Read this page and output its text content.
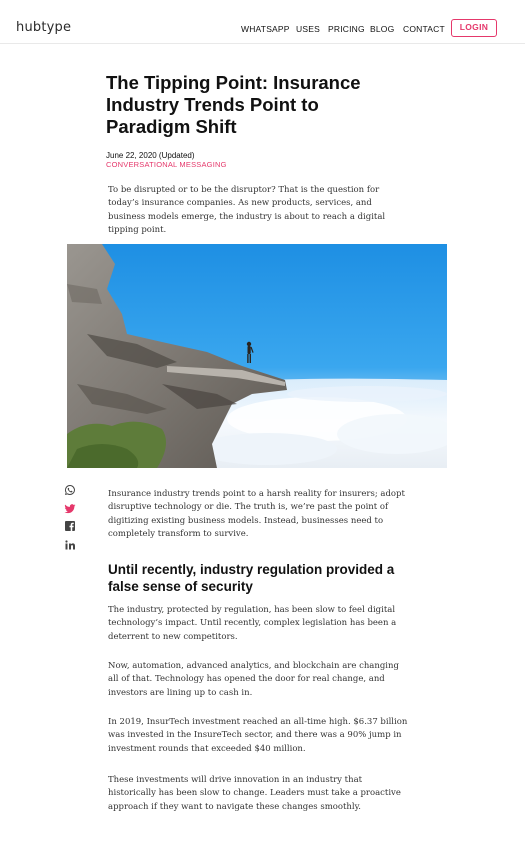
hubtype	WHATSAPP USES PRICING BLOG CONTACT	LOGIN
The Tipping Point: Insurance Industry Trends Point to Paradigm Shift
June 22, 2020 (Updated)
CONVERSATIONAL MESSAGING

To be disrupted or to be the disruptor? That is the question for today’s insurance companies. As new products, services, and business models emerge, the industry is about to reach a digital tipping point.

Insurance industry trends point to a harsh reality for insurers; adopt disruptive technology or die. The truth is, we’re past the point of digitizing existing business models. Instead, businesses need to completely transform to survive.

Until recently, industry regulation provided a false sense of security

The industry, protected by regulation, has been slow to feel digital technology’s impact. Until recently, complex legislation has been a deterrent to new competitors.

Now, automation, advanced analytics, and blockchain are changing all of that. Technology has opened the door for real change, and investors are lining up to cash in.

In 2019, InsurTech investment reached an all-time high. $6.37 billion was invested in the InsureTech sector, and there was a 90% jump in investment rounds that exceeded $40 million.

These investments will drive innovation in an industry that historically has been slow to change. Leaders must take a proactive approach if they want to navigate these changes smoothly.
